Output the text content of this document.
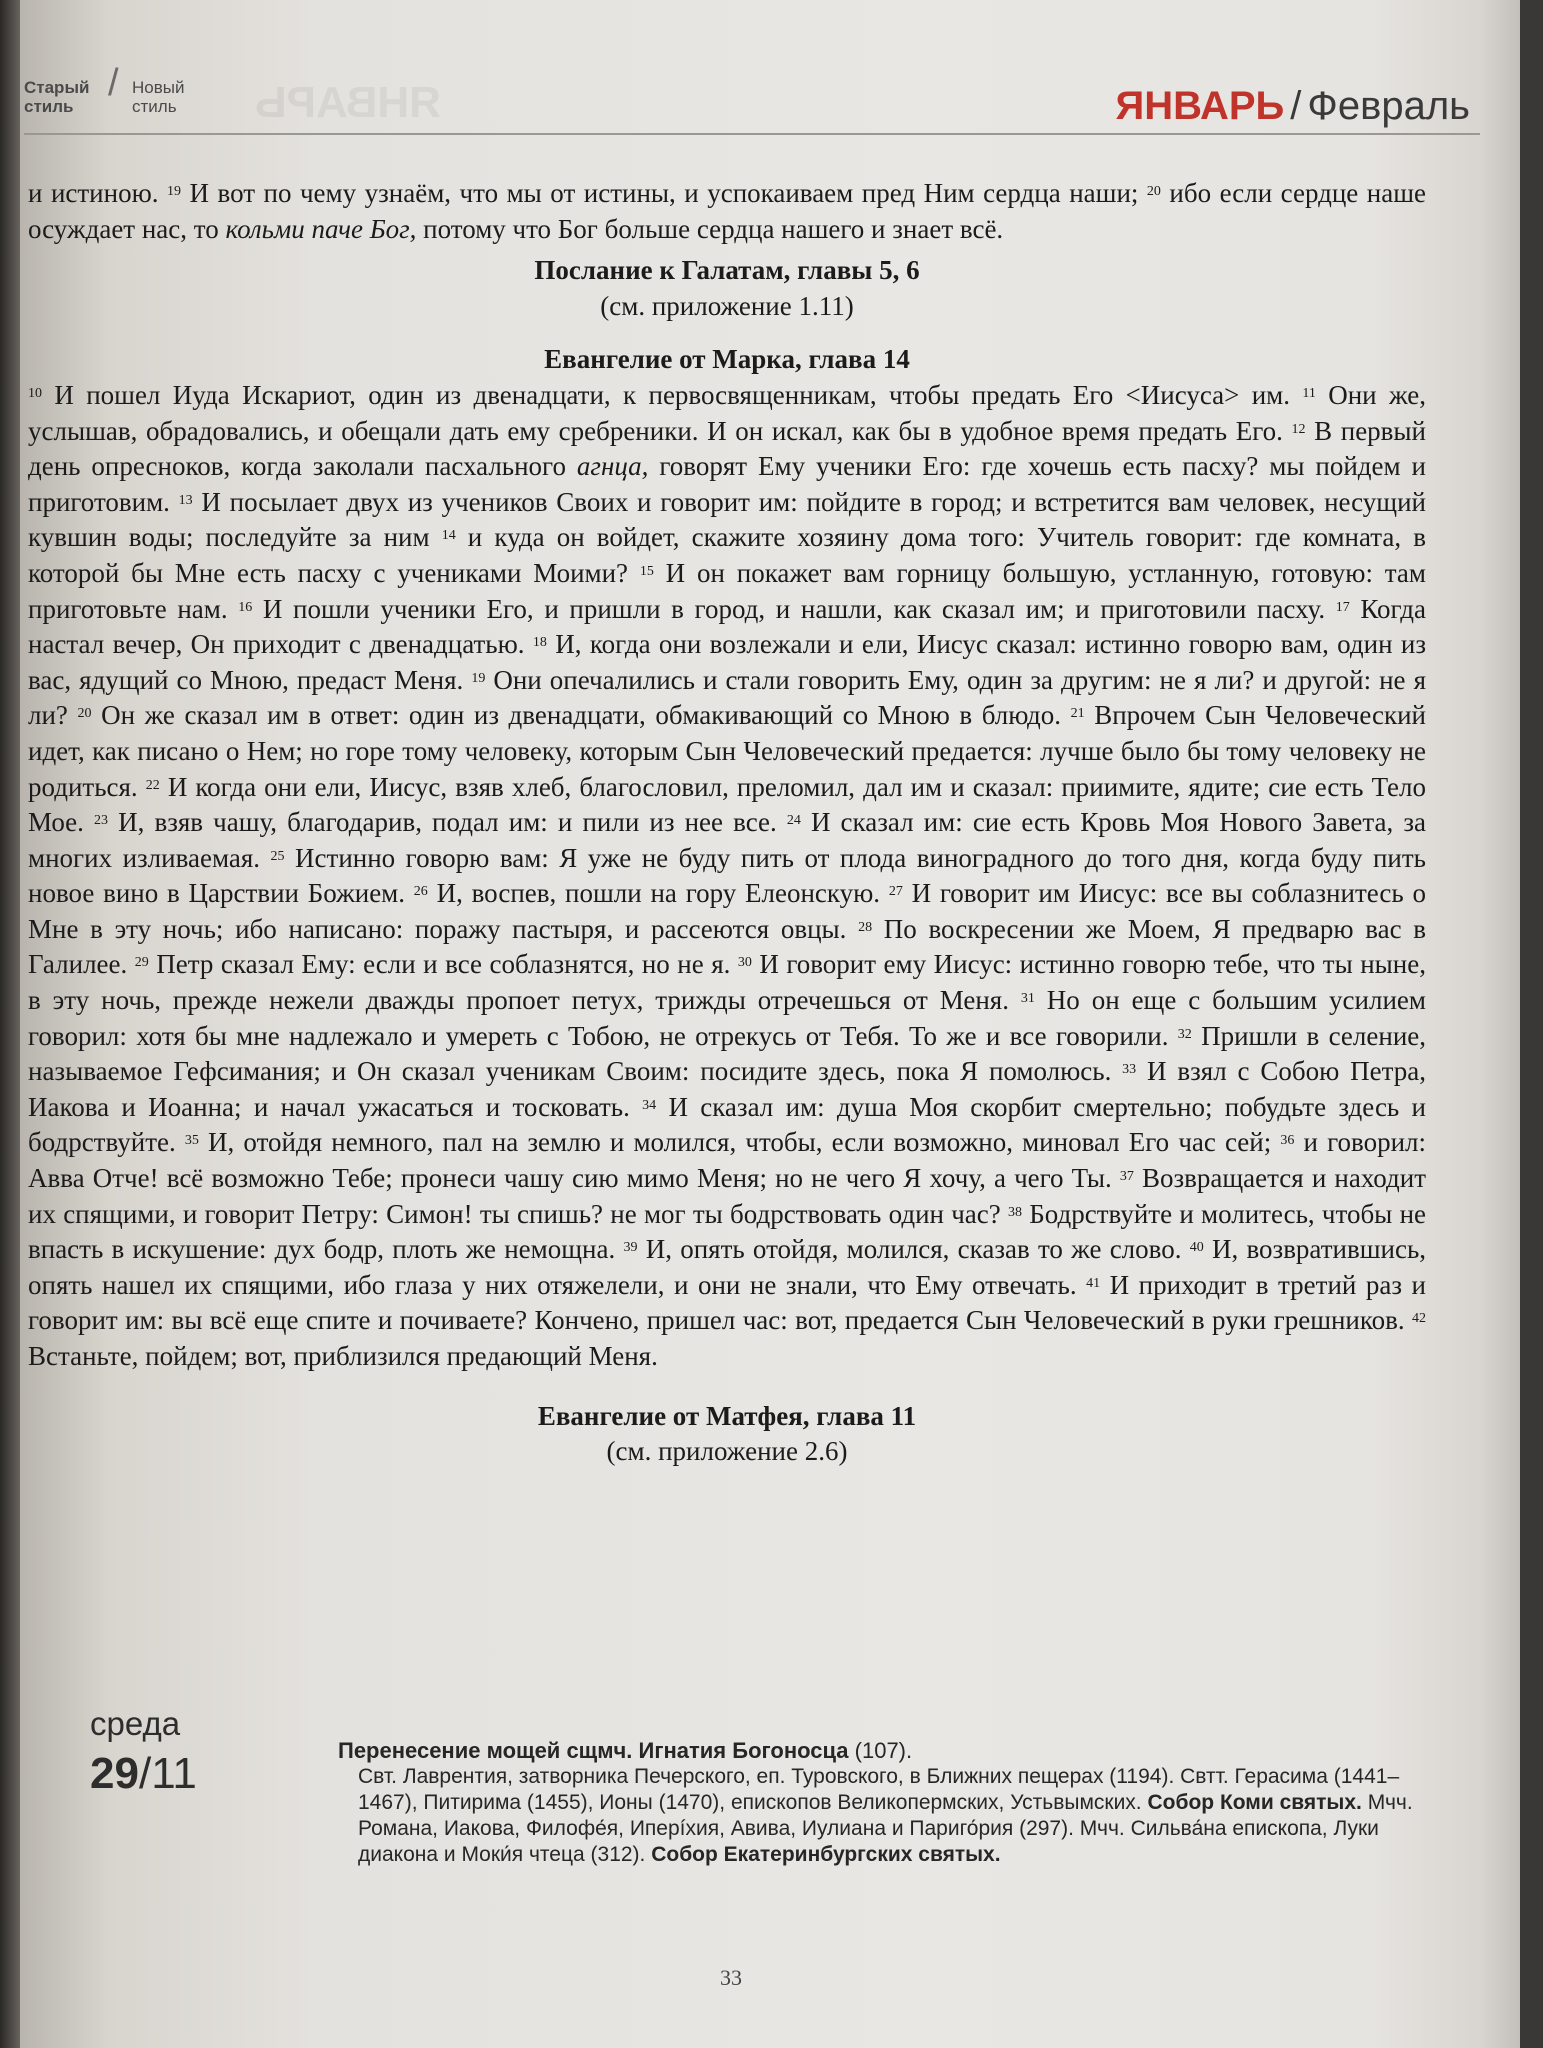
ЯНВАРЬ
Старый стиль
/ Новый стиль	ЯНВАРЬ / Февраль

и истиною. $^{19}$ И вот по чему узнаём, что мы от истины, и успокаиваем пред Ним сердца наши; $^{20}$ ибо если сердце наше осуждает нас, то кольми паче Бог, потому что Бог больше сердца нашего и знает всё.

Послание к Галатам, главы 5, 6

(см. приложение 1.11)

Евангелие от Марка, глава 14

$^{10}$ И пошел Иуда Искариот, один из двенадцати, к первосвященникам, чтобы предать Его <Иисуса> им. $^{11}$ Они же, услышав, обрадовались, и обещали дать ему сребреники. И он искал, как бы в удобное время предать Его. $^{12}$ В первый день опресноков, когда заколали пасхального агнца, говорят Ему ученики Его: где хочешь есть пасху? мы пойдем и приготовим. $^{13}$ И посылает двух из учеников Своих и говорит им: пойдите в город; и встретится вам человек, несущий кувшин воды; последуйте за ним $^{14}$ и куда он войдет, скажите хозяину дома того: Учитель говорит: где комната, в которой бы Мне есть пасху с учениками Моими? $^{15}$ И он покажет вам горницу большую, устланную, готовую: там приготовьте нам. $^{16}$ И пошли ученики Его, и пришли в город, и нашли, как сказал им; и приготовили пасху. $^{17}$ Когда настал вечер, Он приходит с двенадцатью. $^{18}$ И, когда они возлежали и ели, Иисус сказал: истинно говорю вам, один из вас, ядущий со Мною, предаст Меня. $^{19}$ Они опечалились и стали говорить Ему, один за другим: не я ли? и другой: не я ли? $^{20}$ Он же сказал им в ответ: один из двенадцати, обмакивающий со Мною в блюдо. $^{21}$ Впрочем Сын Человеческий идет, как писано о Нем; но горе тому человеку, которым Сын Человеческий предается: лучше было бы тому человеку не родиться. $^{22}$ И когда они ели, Иисус, взяв хлеб, благословил, преломил, дал им и сказал: приимите, ядите; сие есть Тело Мое. $^{23}$ И, взяв чашу, благодарив, подал им: и пили из нее все. $^{24}$ И сказал им: сие есть Кровь Моя Нового Завета, за многих изливаемая. $^{25}$ Истинно говорю вам: Я уже не буду пить от плода виноградного до того дня, когда буду пить новое вино в Царствии Божием. $^{26}$ И, воспев, пошли на гору Елеонскую. $^{27}$ И говорит им Иисус: все вы соблазнитесь о Мне в эту ночь; ибо написано: поражу пастыря, и рассеются овцы. $^{28}$ По воскресении же Моем, Я предварю вас в Галилее. $^{29}$ Петр сказал Ему: если и все соблазнятся, но не я. $^{30}$ И говорит ему Иисус: истинно говорю тебе, что ты ныне, в эту ночь, прежде нежели дважды пропоет петух, трижды отречешься от Меня. $^{31}$ Но он еще с большим усилием говорил: хотя бы мне надлежало и умереть с Тобою, не отрекусь от Тебя. То же и все говорили. $^{32}$ Пришли в селение, называемое Гефсимания; и Он сказал ученикам Своим: посидите здесь, пока Я помолюсь. $^{33}$ И взял с Собою Петра, Иакова и Иоанна; и начал ужасаться и тосковать. $^{34}$ И сказал им: душа Моя скорбит смертельно; побудьте здесь и бодрствуйте. $^{35}$ И, отойдя немного, пал на землю и молился, чтобы, если возможно, миновал Его час сей; $^{36}$ и говорил: Авва Отче! всё возможно Тебе; пронеси чашу сию мимо Меня; но не чего Я хочу, а чего Ты. $^{37}$ Возвращается и находит их спящими, и говорит Петру: Симон! ты спишь? не мог ты бодрствовать один час? $^{38}$ Бодрствуйте и молитесь, чтобы не впасть в искушение: дух бодр, плоть же немощна. $^{39}$ И, опять отойдя, молился, сказав то же слово. $^{40}$ И, возвратившись, опять нашел их спящими, ибо глаза у них отяжелели, и они не знали, что Ему отвечать. $^{41}$ И приходит в третий раз и говорит им: вы всё еще спите и почиваете? Кончено, пришел час: вот, предается Сын Человеческий в руки грешников. $^{42}$ Встаньте, пойдем; вот, приблизился предающий Меня.

Евангелие от Матфея, глава 11

(см. приложение 2.6)

среда
29/11	Перенесение мощей сщмч. Игнатия Богоносца (107).

Свт. Лаврентия, затворника Печерского, еп. Туровского, в Ближних пещерах (1194). Свтт. Герасима (1441–1467), Питирима (1455), Ионы (1470), епископов Великопермских, Устьвымских. Собор Коми святых. Мчч. Романа, Иакова, Филофе́я, Иперíхия, Авива, Иулиана и Париго́рия (297). Мчч. Сильва́на епископа, Луки диакона и Моки́я чтеца (312). Собор Екатеринбургских святых.

33
